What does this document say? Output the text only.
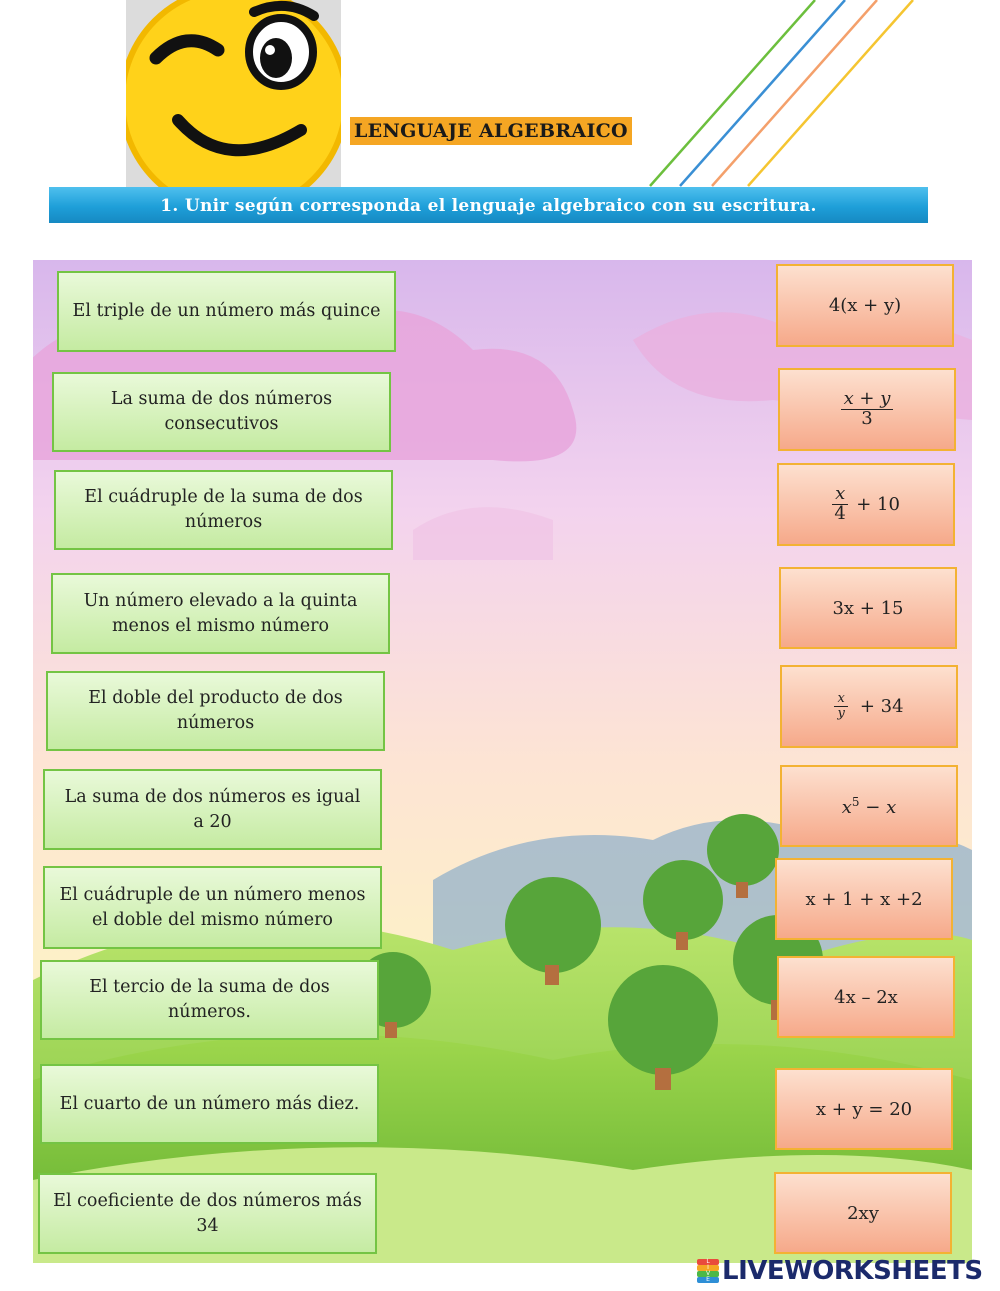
LENGUAJE ALGEBRAICO
1. Unir según corresponda el lenguaje algebraico con su escritura.
El triple de un número más quince
La suma de dos números consecutivos
El cuádruple de la suma de dos números
Un número elevado a la quinta menos el mismo número
El doble del producto de dos números
La suma de dos números es igual a 20
El cuádruple de un número menos el doble del mismo número
El tercio de la suma de dos números.
El cuarto de un número más diez.
El coeficiente de dos números más 34
4(x + y)
$\frac{x + y}{3}$
$\frac{x}{4} + 10$
3x + 15
$\frac{x}{y} + 34$
$x^5 - x$
x + 1 + x +2
4x – 2x
x + y = 20
2xy
L
I
V
E LIVEWORKSHEETS
